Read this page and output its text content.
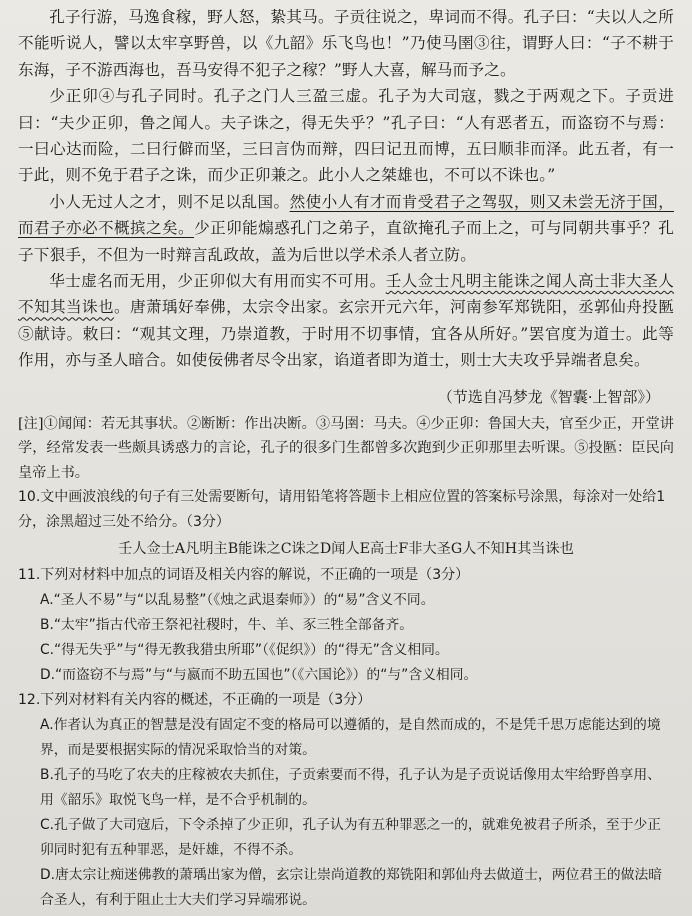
孔子行游，马逸食稼，野人怒，絷其马。子贡往说之，卑词而不得。孔子曰：“夫以人之所不能听说人，譬以太牢享野兽，以《九韶》乐飞鸟也！”乃使马圉③往，谓野人曰：“子不耕于东海，子不游西海也，吾马安得不犯子之稼？”野人大喜，解马而予之。

少正卯④与孔子同时。孔子之门人三盈三虚。孔子为大司寇，戮之于两观之下。子贡进曰：“夫少正卯，鲁之闻人。夫子诛之，得无失乎？”孔子曰：“人有恶者五，而盗窃不与焉：一曰心达而险，二曰行僻而坚，三曰言伪而辩，四曰记丑而博，五曰顺非而泽。此五者，有一于此，则不免于君子之诛，而少正卯兼之。此小人之桀雄也，不可以不诛也。”

小人无过人之才，则不足以乱国。然使小人有才而肯受君子之驾驭，则又未尝无济于国，而君子亦必不概摈之矣。少正卯能煽惑孔门之弟子，直欲掩孔子而上之，可与同朝共事乎？孔子下狠手，不但为一时辩言乱政故，盖为后世以学术杀人者立防。

华士虚名而无用，少正卯似大有用而实不可用。壬人佥士凡明主能诛之闻人高士非大圣人不知其当诛也。唐萧瑀好奉佛，太宗令出家。玄宗开元六年，河南参军郑铣阳，丞郭仙舟投匦⑤献诗。敕曰：“观其文理，乃崇道教，于时用不切事情，宜各从所好。”罢官度为道士。此等作用，亦与圣人暗合。如使佞佛者尽令出家，谄道者即为道士，则士大夫攻乎异端者息矣。

（节选自冯梦龙《智囊·上智部》）

[注]①闻闻：若无其事状。②断断：作出决断。③马圉：马夫。④少正卯：鲁国大夫，官至少正，开堂讲学，经常发表一些颇具诱惑力的言论，孔子的很多门生都曾多次跑到少正卯那里去听课。⑤投匦：臣民向皇帝上书。

10.文中画波浪线的句子有三处需要断句，请用铅笔将答题卡上相应位置的答案标号涂黑，每涂对一处给1分，涂黑超过三处不给分。（3分）

壬人佥士A凡明主B能诛之C诛之D闻人E高士F非大圣G人不知H其当诛也

11.下列对材料中加点的词语及相关内容的解说，不正确的一项是（3分）

A.“圣人不易”与“以乱易整”（《烛之武退秦师》）的“易”含义不同。

B.“太牢”指古代帝王祭祀社稷时，牛、羊、豕三牲全部备齐。

C.“得无失乎”与“得无教我猎虫所耶”（《促织》）的“得无”含义相同。

D.“而盗窃不与焉”与“与嬴而不助五国也”（《六国论》）的“与”含义相同。

12.下列对材料有关内容的概述，不正确的一项是（3分）

A.作者认为真正的智慧是没有固定不变的格局可以遵循的，是自然而成的，不是凭千思万虑能达到的境界，而是要根据实际的情况采取恰当的对策。

B.孔子的马吃了农夫的庄稼被农夫抓住，子贡索要而不得，孔子认为是子贡说话像用太牢给野兽享用、用《韶乐》取悦飞鸟一样，是不合乎机制的。

C.孔子做了大司寇后，下令杀掉了少正卯，孔子认为有五种罪恶之一的，就难免被君子所杀，至于少正卯同时犯有五种罪恶，是奸雄，不得不杀。

D.唐太宗让痴迷佛教的萧瑀出家为僧，玄宗让崇尚道教的郑铣阳和郭仙舟去做道士，两位君王的做法暗合圣人，有利于阻止士大夫们学习异端邪说。
